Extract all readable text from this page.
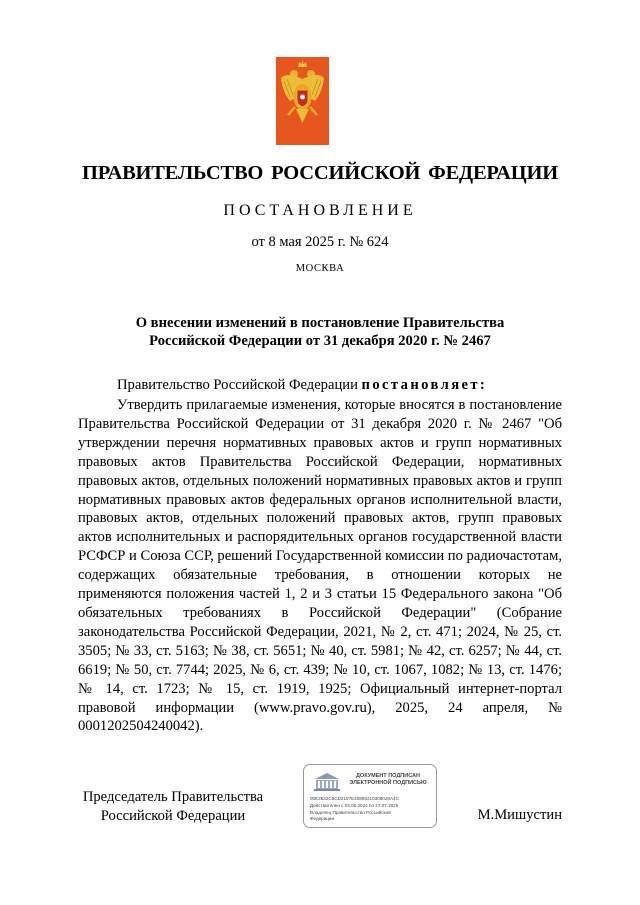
ПРАВИТЕЛЬСТВО РОССИЙСКОЙ ФЕДЕРАЦИИ
ПОСТАНОВЛЕНИЕ
от 8 мая 2025 г. № 624
МОСКВА
О внесении изменений в постановление Правительства
Российской Федерации от 31 декабря 2020 г. № 2467
Правительство Российской Федерации постановляет:
Утвердить прилагаемые изменения, которые вносятся в постановление Правительства Российской Федерации от 31 декабря 2020 г. № 2467 "Об утверждении перечня нормативных правовых актов и групп нормативных правовых актов Правительства Российской Федерации, нормативных правовых актов, отдельных положений нормативных правовых актов и групп нормативных правовых актов федеральных органов исполнительной власти, правовых актов, отдельных положений правовых актов, групп правовых актов исполнительных и распорядительных органов государственной власти РСФСР и Союза ССР, решений Государственной комиссии по радиочастотам, содержащих обязательные требования, в отношении которых не применяются положения частей 1, 2 и 3 статьи 15 Федерального закона "Об обязательных требованиях в Российской Федерации" (Собрание законодательства Российской Федерации, 2021, № 2, ст. 471; 2024, № 25, ст. 3505; № 33, ст. 5163; № 38, ст. 5651; № 40, ст. 5981; № 42, ст. 6257; № 44, ст. 6619; № 50, ст. 7744; 2025, № 6, ст. 439; № 10, ст. 1067, 1082; № 13, ст. 1476; № 14, ст. 1723; № 15, ст. 1919, 1925; Официальный интернет-портал правовой информации (www.pravo.gov.ru), 2025, 24 апреля, № 0001202504240042).
Председатель Правительства
Российской Федерации
ДОКУМЕНТ ПОДПИСАН
ЭЛЕКТРОННОЙ ПОДПИСЬЮ
00E3632C6CD2197E40869210308028A4C
Действителен с 03.05.2024 по 27.07.2025
Владелец Правительство Российской
Федерации	М.Мишустин
